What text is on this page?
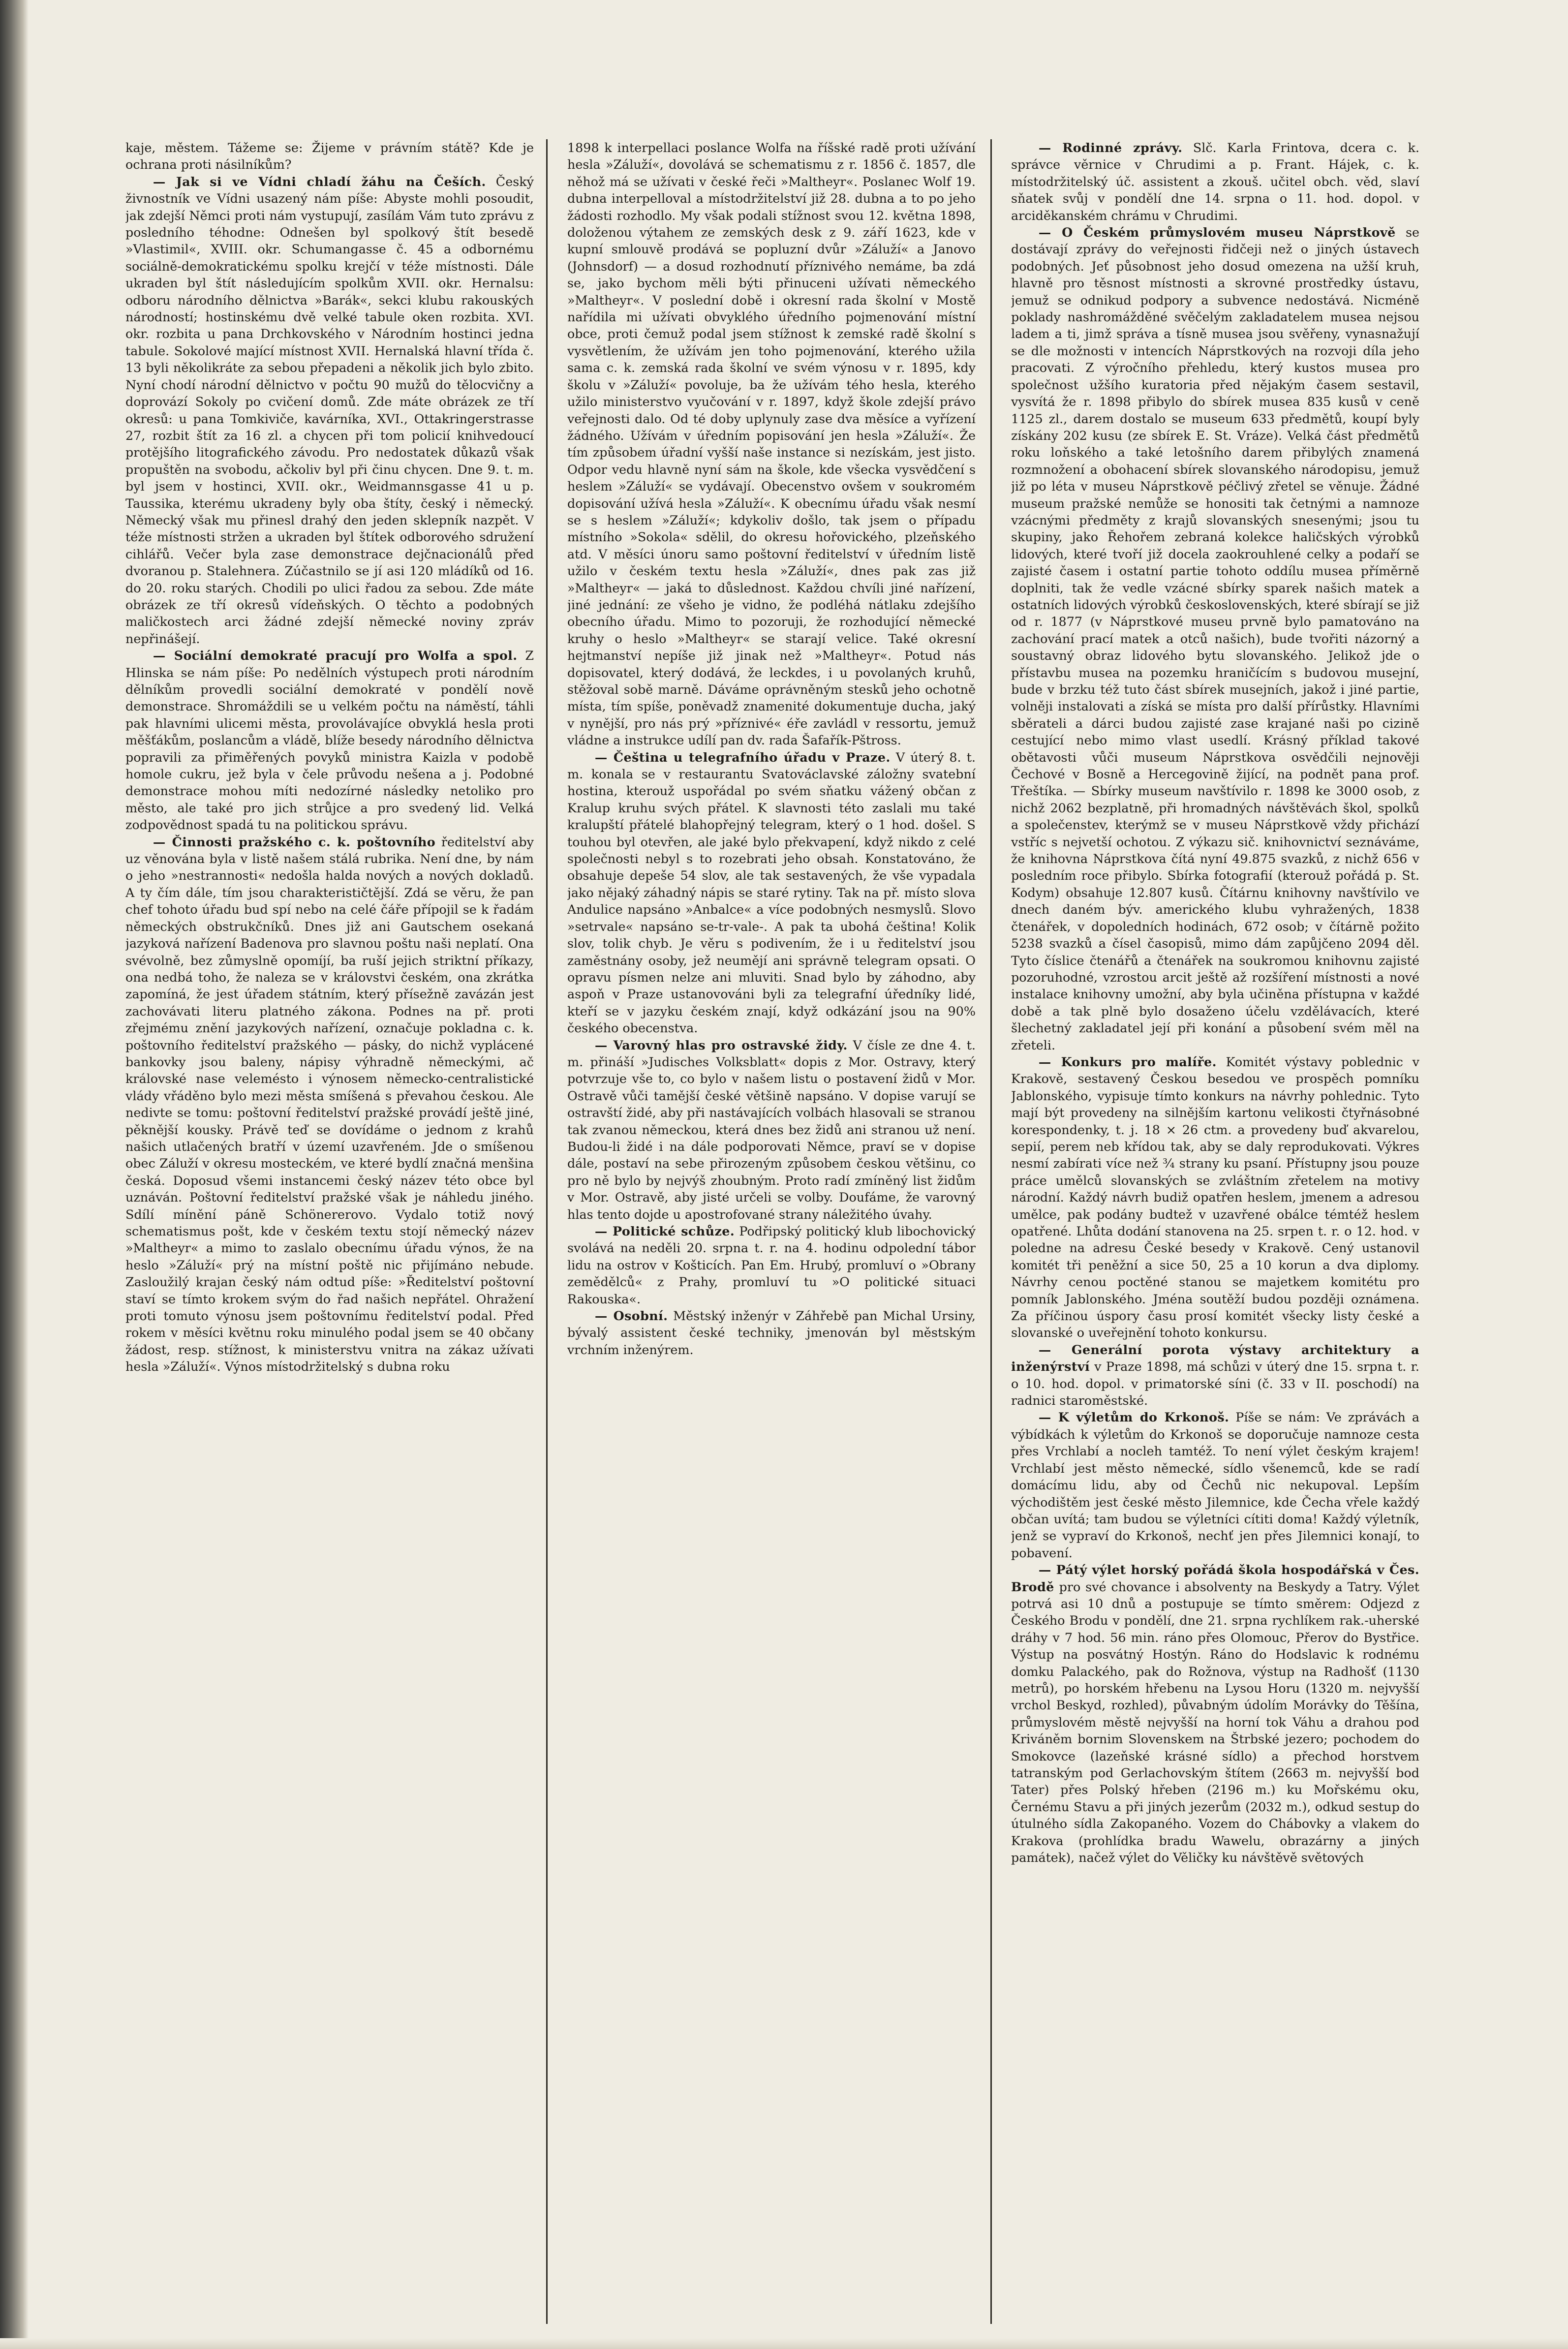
kaje, městem. Tážeme se: Žijeme v právním státě? Kde je ochrana proti násilníkům?

— Jak si ve Vídni chladí žáhu na Češích. Český živnostník ve Vídni usazený nám píše: Abyste mohli posoudit, jak zdejší Němci proti nám vystupují, zasílám Vám tuto zprávu z posledního téhodne: Odnešen byl spolkový štít besedě »Vlastimil«, XVIII. okr. Schumangasse č. 45 a odbornému sociálně-demokratickému spolku krejčí v téže místnosti. Dále ukraden byl štít následujícím spolkům XVII. okr. Hernalsu: odboru národního dělnictva »Barák«, sekci klubu rakouských národností; hostinskému dvě velké tabule oken rozbita. XVI. okr. rozbita u pana Drchkovského v Národním hostinci jedna tabule. Sokolové mající místnost XVII. Hernalská hlavní třída č. 13 byli několikráte za sebou přepadeni a několik jich bylo zbito. Nyní chodí národní dělnictvo v počtu 90 mužů do tělocvičny a doprovází Sokoly po cvičení domů. Zde máte obrázek ze tří okresů: u pana Tomkiviče, kavárníka, XVI., Ottakringerstrasse 27, rozbit štít za 16 zl. a chycen při tom policií knihvedoucí protějšího litografického závodu. Pro nedostatek důkazů však propuštěn na svobodu, ačkoliv byl při činu chycen. Dne 9. t. m. byl jsem v hostinci, XVII. okr., Weidmannsgasse 41 u p. Taussika, kterému ukradeny byly oba štíty, český i německý. Německý však mu přinesl drahý den jeden sklepník nazpět. V téže místnosti stržen a ukraden byl štítek odborového sdružení cihlářů. Večer byla zase demonstrace dejčnacionálů před dvoranou p. Stalehnera. Zúčastnilo se jí asi 120 mládíků od 16. do 20. roku starých. Chodili po ulici řadou za sebou. Zde máte obrázek ze tří okresů vídeňských. O těchto a podobných maličkostech arci žádné zdejší německé noviny zpráv nepřinášejí.

— Sociální demokraté pracují pro Wolfa a spol. Z Hlinska se nám píše: Po nedělních výstupech proti národním dělníkům provedli sociální demokraté v pondělí nově demonstrace. Shromáždili se u velkém počtu na náměstí, táhli pak hlavními ulicemi města, provolávajíce obvyklá hesla proti měšťákům, poslancům a vládě, blíže besedy národního dělnictva popravili za přiměřených povyků ministra Kaizla v podobě homole cukru, jež byla v čele průvodu nešena a j. Podobné demonstrace mohou míti nedozírné následky netoliko pro město, ale také pro jich strůjce a pro svedený lid. Velká zodpovědnost spadá tu na politickou správu.

— Činnosti pražského c. k. poštovního ředitelství aby uz věnována byla v listě našem stálá rubrika. Není dne, by nám o jeho »nestrannosti« nedošla halda nových a nových dokladů. A ty čím dále, tím jsou charakterističtější. Zdá se věru, že pan chef tohoto úřadu bud spí nebo na celé čáře přípojil se k řadám německých obstrukčníků. Dnes již ani Gautschem osekaná jazyková nařízení Badenova pro slavnou poštu naši neplatí. Ona svévolně, bez zůmyslně opomíjí, ba ruší jejich striktní příkazy, ona nedbá toho, že naleza se v královstvi českém, ona zkrátka zapomíná, že jest úřadem státním, který přísežně zavázán jest zachovávati literu platného zákona. Podnes na př. proti zřejmému znění jazykových nařízení, označuje pokladna c. k. poštovního ředitelství pražského — pásky, do nichž vyplácené bankovky jsou baleny, nápisy výhradně německými, ač královské nase velemésto i výnosem německo-centralistické vlády vřáděno bylo mezi města smíšená s převahou českou. Ale nedivte se tomu: poštovní ředitelství pražské provádí ještě jiné, pěknější kousky. Právě teď se dovídáme o jednom z krahů našich utlačených bratří v území uzavřeném. Jde o smíšenou obec Záluží v okresu mosteckém, ve které bydlí značná menšina česká. Doposud všemi instancemi český název této obce byl uznáván. Poštovní ředitelství pražské však je náhledu jiného. Sdílí mínění páně Schönererovo. Vydalo totiž nový schematismus pošt, kde v českém textu stojí německý název »Maltheyr« a mimo to zaslalo obecnímu úřadu výnos, že na heslo »Záluží« prý na místní poště nic přijímáno nebude. Zasloužilý krajan český nám odtud píše: »Ředitelství poštovní staví se tímto krokem svým do řad našich nepřátel. Ohražení proti tomuto výnosu jsem poštovnímu ředitelství podal. Před rokem v měsíci květnu roku minulého podal jsem se 40 občany žádost, resp. stížnost, k ministerstvu vnitra na zákaz užívati hesla »Záluží«. Výnos místodržitelský s dubna roku

1898 k interpellaci poslance Wolfa na říšské radě proti užívání hesla »Záluží«, dovolává se schematismu z r. 1856 č. 1857, dle něhož má se užívati v české řeči »Maltheyr«. Poslanec Wolf 19. dubna interpelloval a místodržitelství již 28. dubna a to po jeho žádosti rozhodlo. My však podali stížnost svou 12. května 1898, doloženou výtahem ze zemských desk z 9. září 1623, kde v kupní smlouvě prodává se popluzní dvůr »Záluží« a Janovo (Johnsdorf) — a dosud rozhodnutí příznivého nemáme, ba zdá se, jako bychom měli býti přinuceni užívati německého »Maltheyr«. V poslední době i okresní rada školní v Mostě nařídila mi užívati obvyklého úředního pojmenování místní obce, proti čemuž podal jsem stížnost k zemské radě školní s vysvětlením, že užívám jen toho pojmenování, kterého užila sama c. k. zemská rada školní ve svém výnosu v r. 1895, kdy školu v »Záluží« povoluje, ba že užívám tého hesla, kterého užilo ministerstvo vyučování v r. 1897, když škole zdejší právo veřejnosti dalo. Od té doby uplynuly zase dva měsíce a vyřízení žádného. Užívám v úředním popisování jen hesla »Záluží«. Že tím způsobem úřadní vyšší naše instance si nezískám, jest jisto. Odpor vedu hlavně nyní sám na škole, kde všecka vysvědčení s heslem »Záluží« se vydávají. Obecenstvo ovšem v soukromém dopisování užívá hesla »Záluží«. K obecnímu úřadu však nesmí se s heslem »Záluží«; kdykoliv došlo, tak jsem o případu místního »Sokola« sdělil, do okresu hořovického, plzeňského atd. V měsíci únoru samo poštovní ředitelství v úředním listě užilo v českém textu hesla »Záluží«, dnes pak zas již »Maltheyr« — jaká to důslednost. Každou chvíli jiné nařízení, jiné jednání: ze všeho je vidno, že podléhá nátlaku zdejšího obecního úřadu. Mimo to pozoruji, že rozhodující německé kruhy o heslo »Maltheyr« se starají velice. Také okresní hejtmanství nepíše již jinak než »Maltheyr«. Potud nás dopisovatel, který dodává, že leckdes, i u povolaných kruhů, stěžoval sobě marně. Dáváme oprávněným stesků jeho ochotně místa, tím spíše, poněvadž znamenité dokumentuje ducha, jaký v nynější, pro nás prý »příznivé« éře zavládl v ressortu, jemuž vládne a instrukce udílí pan dv. rada Šafařík-Pštross.

— Čeština u telegrafního úřadu v Praze. V úterý 8. t. m. konala se v restaurantu Svatováclavské záložny svatební hostina, kterouž uspořádal po svém sňatku vážený občan z Kralup kruhu svých přátel. K slavnosti této zaslali mu také kralupští přátelé blahopřejný telegram, který o 1 hod. došel. S touhou byl otevřen, ale jaké bylo překvapení, když nikdo z celé společnosti nebyl s to rozebrati jeho obsah. Konstatováno, že obsahuje depeše 54 slov, ale tak sestavených, že vše vypadala jako nějaký záhadný nápis se staré rytiny. Tak na př. místo slova Andulice napsáno »Anbalce« a více podobných nesmyslů. Slovo »setrvale« napsáno se-tr-vale-. A pak ta ubohá čeština! Kolik slov, tolik chyb. Je věru s podivením, že i u ředitelství jsou zaměstnány osoby, jež neumějí ani správně telegram opsati. O opravu písmen nelze ani mluviti. Snad bylo by záhodno, aby aspoň v Praze ustanovováni byli za telegrafní úředníky lidé, kteří se v jazyku českém znají, když odkázání jsou na 90% českého obecenstva.

— Varovný hlas pro ostravské židy. V čísle ze dne 4. t. m. přináší »Judisches Volksblatt« dopis z Mor. Ostravy, který potvrzuje vše to, co bylo v našem listu o postavení židů v Mor. Ostravě vůči tamější české většině napsáno. V dopise varují se ostravští židé, aby při nastávajících volbách hlasovali se stranou tak zvanou německou, která dnes bez židů ani stranou už není. Budou-li židé i na dále podporovati Němce, praví se v dopise dále, postaví na sebe přirozeným způsobem českou většinu, co pro ně bylo by nejvýš zhoubným. Proto radí zmíněný list židům v Mor. Ostravě, aby jisté určeli se volby. Doufáme, že varovný hlas tento dojde u apostrofované strany náležitého úvahy.

— Politické schůze. Podřipský politický klub libochovický svolává na neděli 20. srpna t. r. na 4. hodinu odpolední tábor lidu na ostrov v Košticích. Pan Em. Hrubý, promluví o »Obrany zemědělců« z Prahy, promluví tu »O politické situaci Rakouska«.

— Osobní. Městský inženýr v Záhřebě pan Michal Ursiny, bývalý assistent české techniky, jmenován byl městským vrchním inženýrem.

— Rodinné zprávy. Slč. Karla Frintova, dcera c. k. správce věrnice v Chrudimi a p. Frant. Hájek, c. k. místodržitelský úč. assistent a zkouš. učitel obch. věd, slaví sňatek svůj v pondělí dne 14. srpna o 11. hod. dopol. v arciděkanském chrámu v Chrudimi.

— O Českém průmyslovém museu Náprstkově se dostávají zprávy do veřejnosti řidčeji než o jiných ústavech podobných. Jeť působnost jeho dosud omezena na užší kruh, hlavně pro těsnost místnosti a skrovné prostředky ústavu, jemuž se odnikud podpory a subvence nedostává. Nicméně poklady nashromážděné svěčelým zakladatelem musea nejsou ladem a ti, jimž správa a tísně musea jsou svěřeny, vynasnažují se dle možnosti v intencích Náprstkových na rozvoji díla jeho pracovati. Z výročního přehledu, který kustos musea pro společnost užšího kuratoria před nějakým časem sestavil, vysvítá že r. 1898 přibylo do sbírek musea 835 kusů v ceně 1125 zl., darem dostalo se museum 633 předmětů, koupí byly získány 202 kusu (ze sbírek E. St. Vráze). Velká část předmětů roku loňského a také letošního darem přibylých znamená rozmnožení a obohacení sbírek slovanského národopisu, jemuž již po léta v museu Náprstkově péčlivý zřetel se věnuje. Žádné museum pražské nemůže se honositi tak četnými a namnoze vzácnými předměty z krajů slovanských snesenými; jsou tu skupiny, jako Řehořem zebraná kolekce haličských výrobků lidových, které tvoří již docela zaokrouhlené celky a podaří se zajisté časem i ostatní partie tohoto oddílu musea příměrně doplniti, tak že vedle vzácné sbírky sparek našich matek a ostatních lidových výrobků československých, které sbírají se již od r. 1877 (v Náprstkové museu prvně bylo pamatováno na zachování prací matek a otců našich), bude tvořiti názorný a soustavný obraz lidového bytu slovanského. Jelikož jde o přístavbu musea na pozemku hraničícím s budovou musejní, bude v brzku též tuto část sbírek musejních, jakož i jiné partie, volněji instalovati a získá se místa pro další přírůstky. Hlavními sběrateli a dárci budou zajisté zase krajané naši po cizině cestující nebo mimo vlast usedlí. Krásný příklad takové obětavosti vůči museum Náprstkova osvědčili nejnověji Čechové v Bosně a Hercegovině žijící, na podnět pana prof. Třeštíka. — Sbírky museum navštívilo r. 1898 ke 3000 osob, z nichž 2062 bezplatně, při hromadných návštěvách škol, spolků a společenstev, kterýmž se v museu Náprstkově vždy přichází vstříc s nejvetší ochotou. Z výkazu sič. knihovnictví seznáváme, že knihovna Náprstkova čítá nyní 49.875 svazků, z nichž 656 v posledním roce přibylo. Sbírka fotografií (kterouž pořádá p. St. Kodym) obsahuje 12.807 kusů. Čítárnu knihovny navštívilo ve dnech daném býv. amerického klubu vyhražených, 1838 čtenářek, v dopoledních hodinách, 672 osob; v čítárně požito 5238 svazků a čísel časopisů, mimo dám zapůjčeno 2094 děl. Tyto číslice čtenářů a čtenářek na soukromou knihovnu zajisté pozoruhodné, vzrostou arcit ještě až rozšíření místnosti a nové instalace knihovny umožní, aby byla učiněna přístupna v každé době a tak plně bylo dosaženo účelu vzdělávacích, které šlechetný zakladatel její při konání a působení svém měl na zřeteli.

— Konkurs pro malíře. Komitét výstavy poblednic v Krakově, sestavený Českou besedou ve prospěch pomníku Jablonského, vypisuje tímto konkurs na návrhy pohlednic. Tyto mají být provedeny na silnějším kartonu velikosti čtyřnásobné korespondenky, t. j. 18 × 26 ctm. a provedeny buď akvarelou, sepií, perem neb křídou tak, aby se daly reprodukovati. Výkres nesmí zabírati více než ¾ strany ku psaní. Přístupny jsou pouze práce umělců slovanských se zvláštním zřetelem na motivy národní. Každý návrh budiž opatřen heslem, jmenem a adresou umělce, pak podány budtež v uzavřené obálce témtéž heslem opatřené. Lhůta dodání stanovena na 25. srpen t. r. o 12. hod. v poledne na adresu České besedy v Krakově. Cený ustanovil komitét tři peněžní a sice 50, 25 a 10 korun a dva diplomy. Návrhy cenou poctěné stanou se majetkem komitétu pro pomník Jablonského. Jména soutěží budou později oznámena. Za příčinou úspory času prosí komitét všecky listy české a slovanské o uveřejnění tohoto konkursu.

— Generální porota výstavy architektury a inženýrství v Praze 1898, má schůzi v úterý dne 15. srpna t. r. o 10. hod. dopol. v primatorské síni (č. 33 v II. poschodí) na radnici staroměstské.

— K výletům do Krkonoš. Píše se nám: Ve zprávách a výbídkách k výletům do Krkonoš se doporučuje namnoze cesta přes Vrchlabí a nocleh tamtéž. To není výlet českým krajem! Vrchlabí jest město německé, sídlo všenemců, kde se radí domácímu lidu, aby od Čechů nic nekupoval. Lepším východištěm jest české město Jilemnice, kde Čecha vřele každý občan uvítá; tam budou se výletníci cítiti doma! Každý výletník, jenž se vypraví do Krkonoš, nechť jen přes Jilemnici konají, to pobavení.

— Pátý výlet horský pořádá škola hospodářská v Čes. Brodě pro své chovance i absolventy na Beskydy a Tatry. Výlet potrvá asi 10 dnů a postupuje se tímto směrem: Odjezd z Českého Brodu v pondělí, dne 21. srpna rychlíkem rak.-uherské dráhy v 7 hod. 56 min. ráno přes Olomouc, Přerov do Bystřice. Výstup na posvátný Hostýn. Ráno do Hodslavic k rodnému domku Palackého, pak do Rožnova, výstup na Radhošť (1130 metrů), po horském hřebenu na Lysou Horu (1320 m. nejvyšší vrchol Beskyd, rozhled), půvabným údolím Morávky do Těšína, průmyslovém městě nejvyšší na horní tok Váhu a drahou pod Kriváněm bornim Slovenskem na Štrbské jezero; pochodem do Smokovce (lazeňské krásné sídlo) a přechod horstvem tatranským pod Gerlachovským štítem (2663 m. nejvyšší bod Tater) přes Polský hřeben (2196 m.) ku Mořskému oku, Černému Stavu a při jiných jezerům (2032 m.), odkud sestup do útulného sídla Zakopaného. Vozem do Chábovky a vlakem do Krakova (prohlídka bradu Wawelu, obrazárny a jiných památek), načež výlet do Věličky ku návštěvě světových
